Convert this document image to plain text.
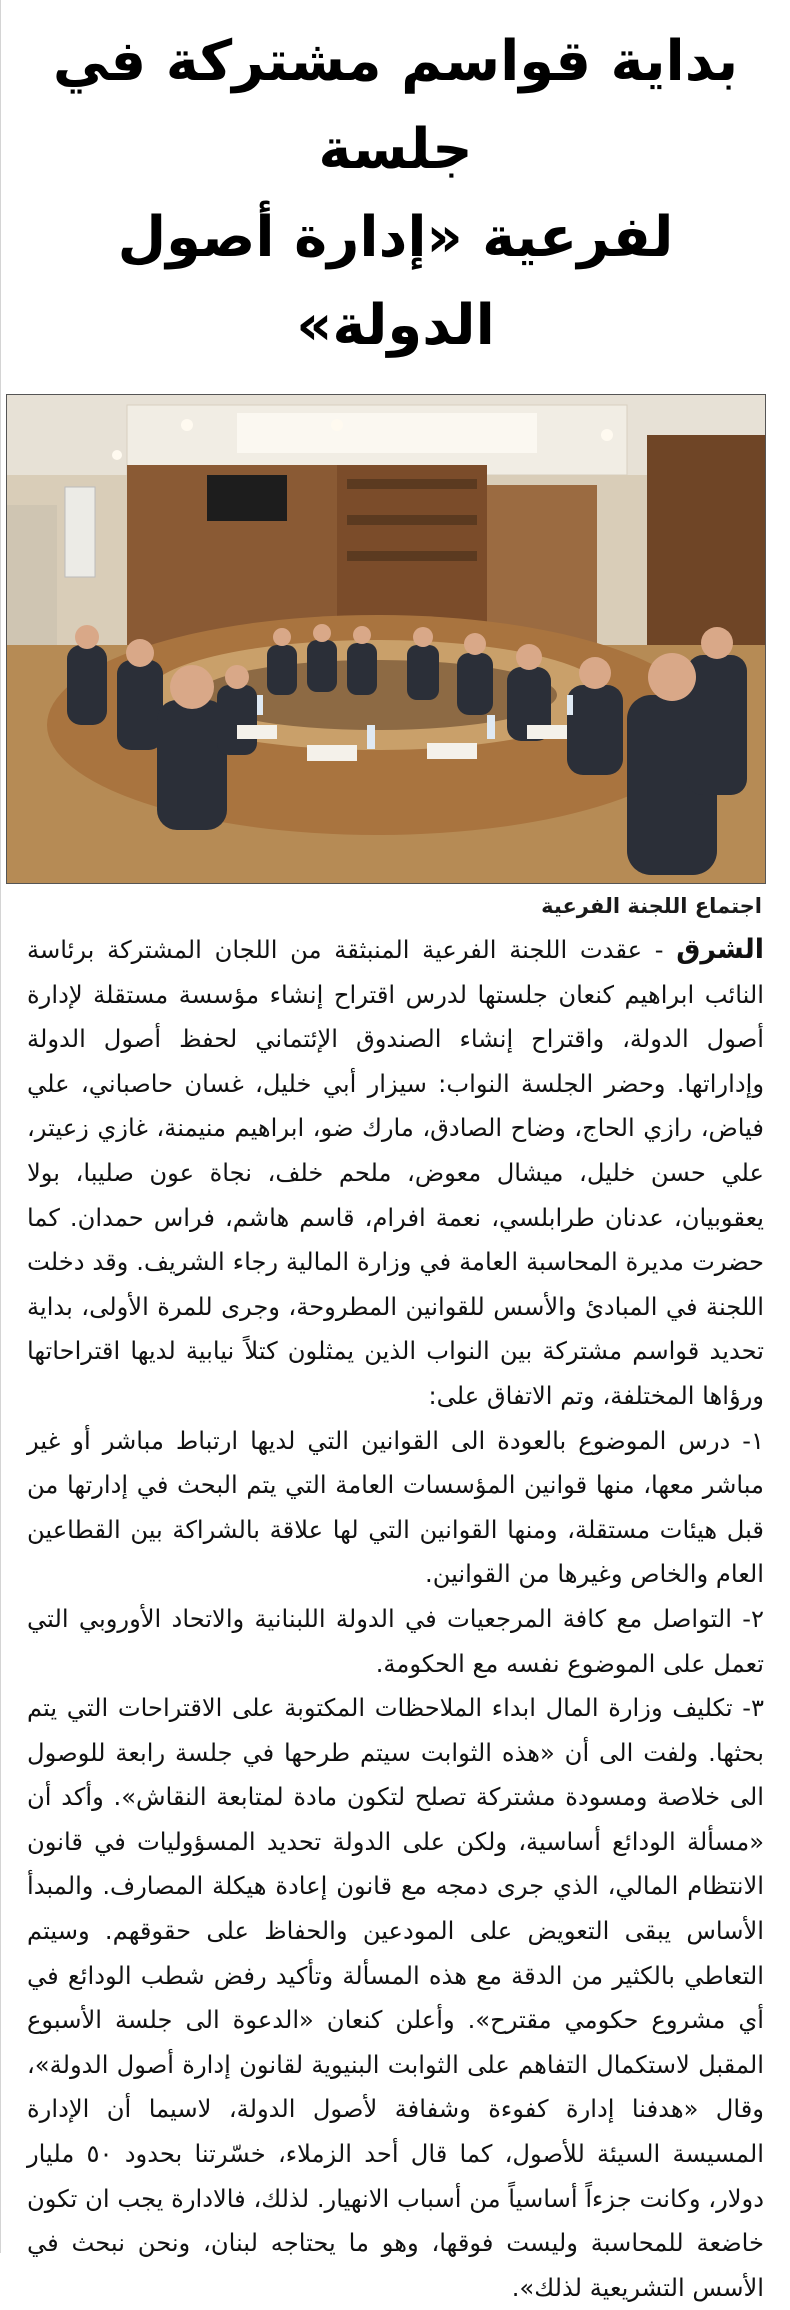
بداية قواسم مشتركة في جلسة
لفرعية «إدارة أصول الدولة»
اجتماع اللجنة الفرعية

الشرق - عقدت اللجنة الفرعية المنبثقة من اللجان المشتركة برئاسة النائب ابراهيم كنعان جلستها لدرس اقتراح إنشاء مؤسسة مستقلة لإدارة أصول الدولة، واقتراح إنشاء الصندوق الإئتماني لحفظ أصول الدولة وإداراتها. وحضر الجلسة النواب: سيزار أبي خليل، غسان حاصباني، علي فياض، رازي الحاج، وضاح الصادق، مارك ضو، ابراهيم منيمنة، غازي زعيتر، علي حسن خليل، ميشال معوض، ملحم خلف، نجاة عون صليبا، بولا يعقوبيان، عدنان طرابلسي، نعمة افرام، قاسم هاشم، فراس حمدان. كما حضرت مديرة المحاسبة العامة في وزارة المالية رجاء الشريف. وقد دخلت اللجنة في المبادئ والأسس للقوانين المطروحة، وجرى للمرة الأولى، بداية تحديد قواسم مشتركة بين النواب الذين يمثلون كتلاً نيابية لديها اقتراحاتها ورؤاها المختلفة، وتم الاتفاق على:

١- درس الموضوع بالعودة الى القوانين التي لديها ارتباط مباشر أو غير مباشر معها، منها قوانين المؤسسات العامة التي يتم البحث في إدارتها من قبل هيئات مستقلة، ومنها القوانين التي لها علاقة بالشراكة بين القطاعين العام والخاص وغيرها من القوانين.

٢- التواصل مع كافة المرجعيات في الدولة اللبنانية والاتحاد الأوروبي التي تعمل على الموضوع نفسه مع الحكومة.

٣- تكليف وزارة المال ابداء الملاحظات المكتوبة على الاقتراحات التي يتم بحثها. ولفت الى أن «هذه الثوابت سيتم طرحها في جلسة رابعة للوصول الى خلاصة ومسودة مشتركة تصلح لتكون مادة لمتابعة النقاش». وأكد أن «مسألة الودائع أساسية، ولكن على الدولة تحديد المسؤوليات في قانون الانتظام المالي، الذي جرى دمجه مع قانون إعادة هيكلة المصارف. والمبدأ الأساس يبقى التعويض على المودعين والحفاظ على حقوقهم. وسيتم التعاطي بالكثير من الدقة مع هذه المسألة وتأكيد رفض شطب الودائع في أي مشروع حكومي مقترح». وأعلن كنعان «الدعوة الى جلسة الأسبوع المقبل لاستكمال التفاهم على الثوابت البنيوية لقانون إدارة أصول الدولة»، وقال «هدفنا إدارة كفوءة وشفافة لأصول الدولة، لاسيما أن الإدارة المسيسة السيئة للأصول، كما قال أحد الزملاء، خسّرتنا بحدود ٥٠ مليار دولار، وكانت جزءاً أساسياً من أسباب الانهيار. لذلك، فالادارة يجب ان تكون خاضعة للمحاسبة وليست فوقها، وهو ما يحتاجه لبنان، ونحن نبحث في الأسس التشريعية لذلك».
